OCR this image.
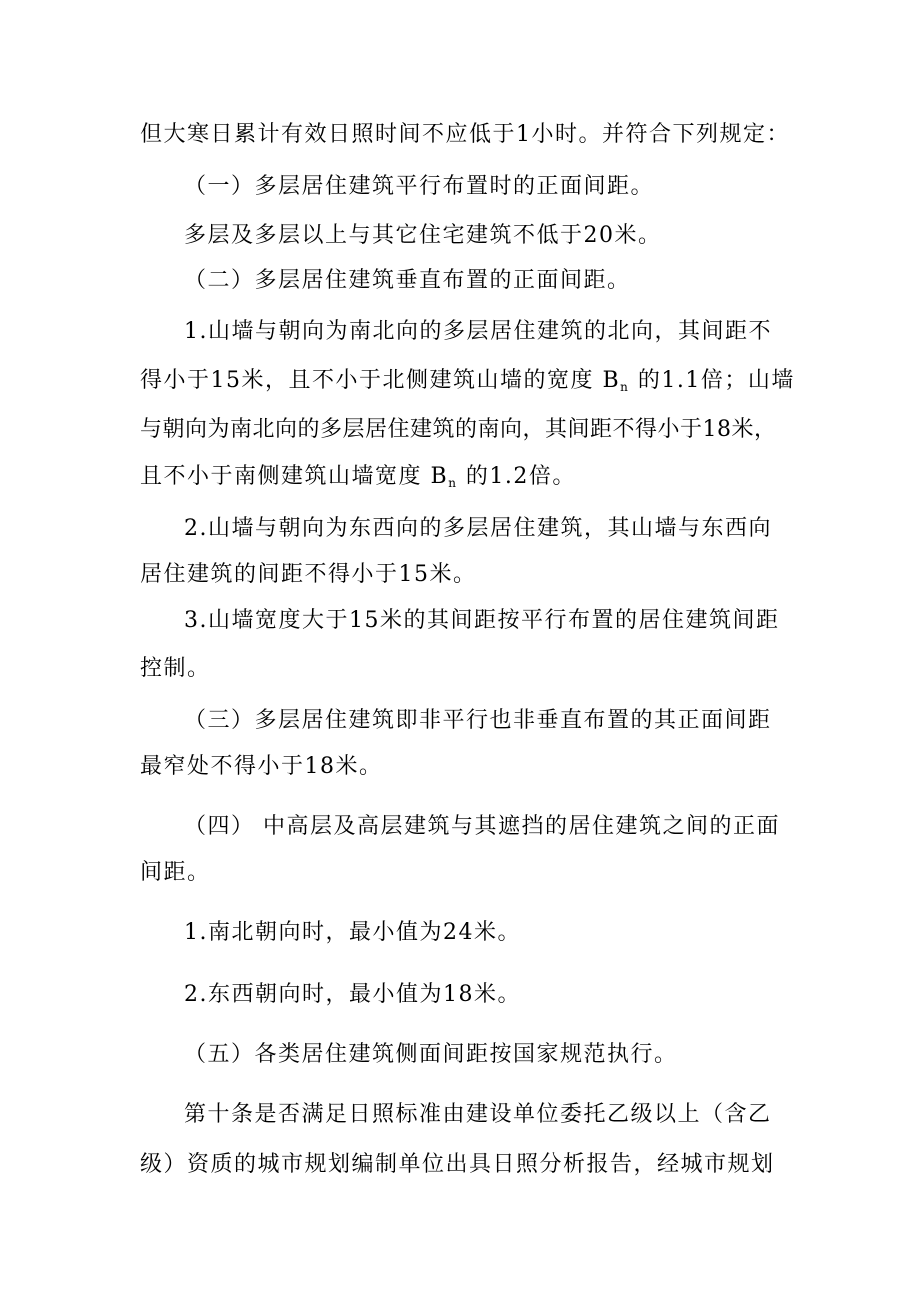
但大寒日累计有效日照时间不应低于1小时。并符合下列规定：
（一）多层居住建筑平行布置时的正面间距。
多层及多层以上与其它住宅建筑不低于20米。
（二）多层居住建筑垂直布置的正面间距。
1.山墙与朝向为南北向的多层居住建筑的北向，其间距不
得小于15米，且不小于北侧建筑山墙的宽度 Bn 的1.1倍；山墙
与朝向为南北向的多层居住建筑的南向，其间距不得小于18米，
且不小于南侧建筑山墙宽度 Bn 的1.2倍。
2.山墙与朝向为东西向的多层居住建筑，其山墙与东西向
居住建筑的间距不得小于15米。
3.山墙宽度大于15米的其间距按平行布置的居住建筑间距
控制。
（三）多层居住建筑即非平行也非垂直布置的其正面间距
最窄处不得小于18米。
（四） 中高层及高层建筑与其遮挡的居住建筑之间的正面
间距。
1.南北朝向时，最小值为24米。
2.东西朝向时，最小值为18米。
（五）各类居住建筑侧面间距按国家规范执行。
第十条是否满足日照标准由建设单位委托乙级以上（含乙
级）资质的城市规划编制单位出具日照分析报告，经城市规划
